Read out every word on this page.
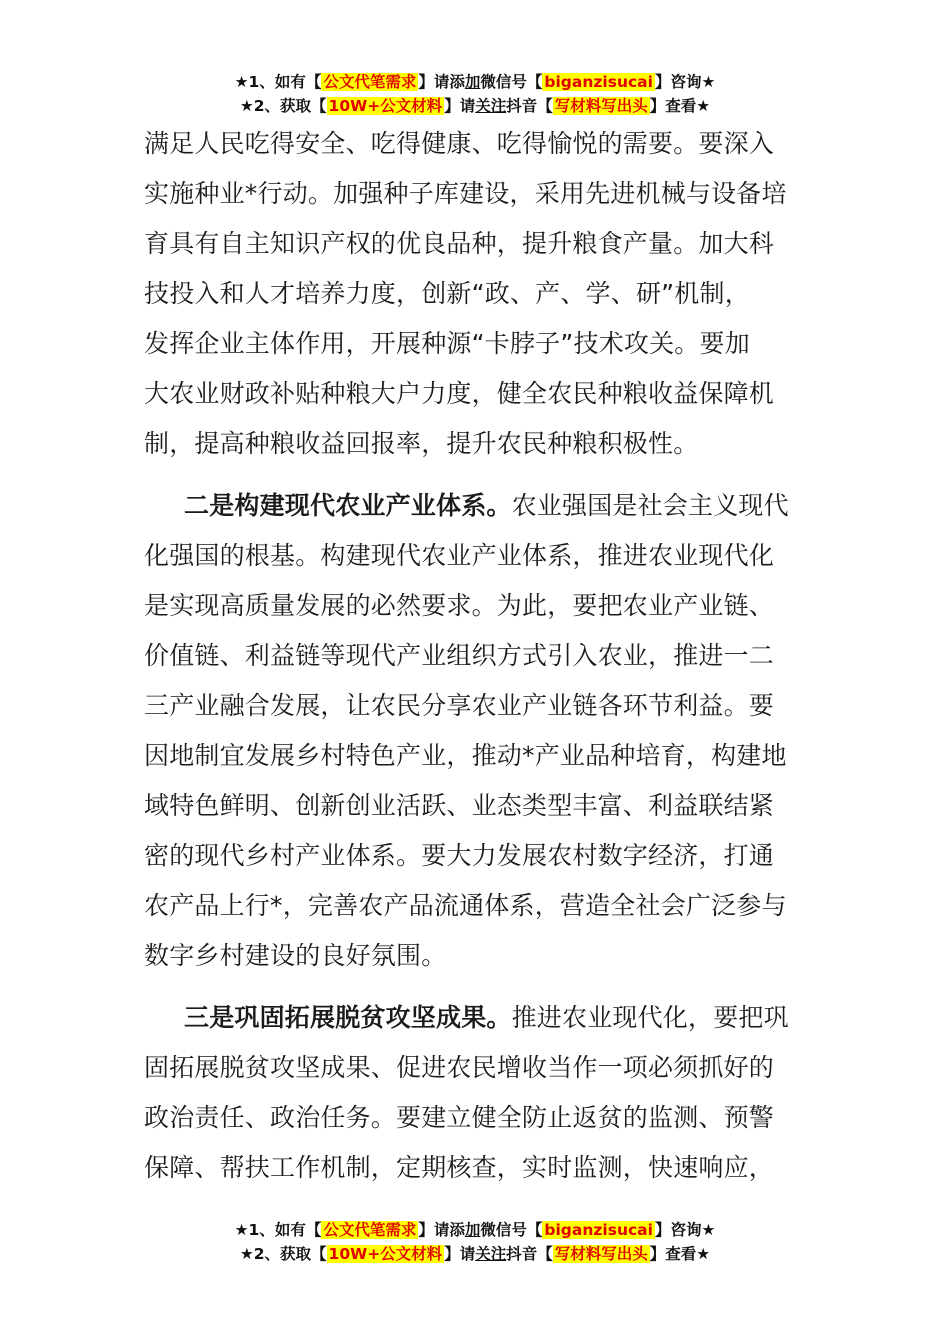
★1、如有【 公文代笔需求 】请添加微信号【 biganzisucai 】咨询★
★2、获取【 10W+公文材料 】请关注抖音【 写材料写出头 】查看★

满足人民吃得安全、吃得健康、吃得愉悦的需要。要深入
实施种业*行动。加强种子库建设，采用先进机械与设备培
育具有自主知识产权的优良品种，提升粮食产量。加大科
技投入和人才培养力度，创新“政、产、学、研”机制，
发挥企业主体作用，开展种源“卡脖子”技术攻关。要加
大农业财政补贴种粮大户力度，健全农民种粮收益保障机
制，提高种粮收益回报率，提升农民种粮积极性。

二是构建现代农业产业体系。农业强国是社会主义现代
化强国的根基。构建现代农业产业体系，推进农业现代化
是实现高质量发展的必然要求。为此，要把农业产业链、
价值链、利益链等现代产业组织方式引入农业，推进一二
三产业融合发展，让农民分享农业产业链各环节利益。要
因地制宜发展乡村特色产业，推动*产业品种培育，构建地
域特色鲜明、创新创业活跃、业态类型丰富、利益联结紧
密的现代乡村产业体系。要大力发展农村数字经济，打通
农产品上行*，完善农产品流通体系，营造全社会广泛参与
数字乡村建设的良好氛围。

三是巩固拓展脱贫攻坚成果。推进农业现代化，要把巩
固拓展脱贫攻坚成果、促进农民增收当作一项必须抓好的
政治责任、政治任务。要建立健全防止返贫的监测、预警
保障、帮扶工作机制，定期核查，实时监测，快速响应，

★1、如有【 公文代笔需求 】请添加微信号【 biganzisucai 】咨询★
★2、获取【 10W+公文材料 】请关注抖音【 写材料写出头 】查看★
